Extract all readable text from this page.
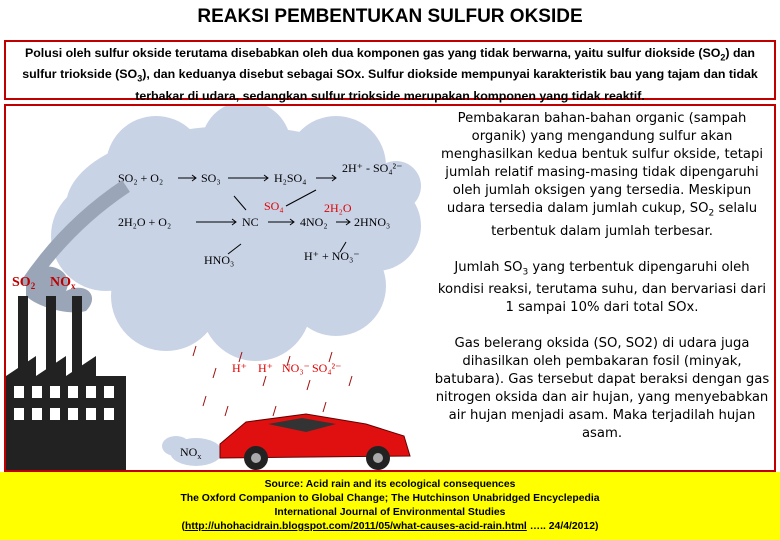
REAKSI PEMBENTUKAN SULFUR OKSIDE
Polusi oleh sulfur okside terutama disebabkan oleh dua komponen gas yang tidak berwarna, yaitu sulfur diokside $(SO_2)$ dan sulfur triokside $(SO_3)$, dan keduanya disebut sebagai SOx. Sulfur diokside mempunyai karakteristik bau yang tajam dan tidak terbakar di udara, sedangkan sulfur triokside merupakan komponen yang tidak reaktif.
SO₂ + O₂	SO₃	H₂SO₄
2H⁺ - SO₄²⁻
SO₄	2H₂O
2H₂O + O₂	NC	4NO₂ 2HNO₃
HNO₃	H⁺ + NO₃⁻
H⁺ H⁺ NO₃⁻ SO₄²⁻
$SO_2$ $NO_x$
$NO_x$

Pembakaran bahan-bahan organic (sampah organik) yang mengandung sulfur akan menghasilkan kedua bentuk sulfur okside, tetapi jumlah relatif masing-masing tidak dipengaruhi oleh jumlah oksigen yang tersedia. Meskipun udara tersedia dalam jumlah cukup, $SO_2$ selalu terbentuk dalam jumlah terbesar.

Jumlah $SO_3$ yang terbentuk dipengaruhi oleh kondisi reaksi, terutama suhu, dan bervariasi dari 1 sampai 10% dari total SOx.

Gas belerang oksida (SO, SO2) di udara juga dihasilkan oleh pembakaran fosil (minyak, batubara). Gas tersebut dapat beraksi dengan gas nitrogen oksida dan air hujan, yang menyebabkan air hujan menjadi asam. Maka terjadilah hujan asam.

Source: Acid rain and its ecological consequences
The Oxford Companion to Global Change; The Hutchinson Unabridged Encyclepedia
International Journal of Environmental Studies
(http://uhohacidrain.blogspot.com/2011/05/what-causes-acid-rain.html ….. 24/4/2012)
